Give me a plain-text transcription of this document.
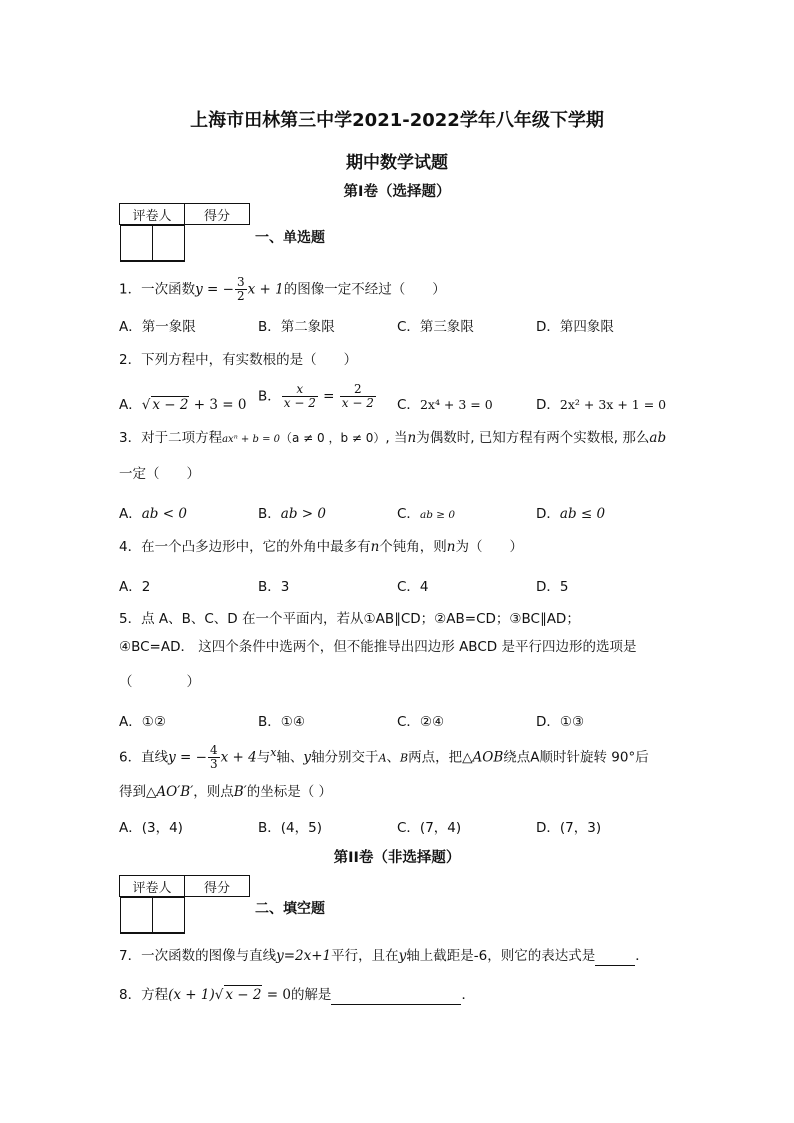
上海市田林第三中学2021-2022学年八年级下学期
期中数学试题
第I卷（选择题）
评卷人	得分

一、单选题
1．一次函数y = − $\frac{3}{2}$ x + 1的图像一定不经过（　　）
A．第一象限	B．第二象限	C．第三象限	D．第四象限
2．下列方程中，有实数根的是（　　）
A．√ x − 2 + 3 = 0
B． $\frac{x}{x - 2} = \frac{2}{x - 2}$ C．2x⁴ + 3 = 0	D．2x² + 3x + 1 = 0
3．对于二项方程axⁿ + b = 0（a ≠ 0 ，b ≠ 0）, 当n为偶数时, 已知方程有两个实数根, 那么ab
一定（　　）
A．ab < 0	B．ab > 0	C．ab ≥ 0	D．ab ≤ 0
4．在一个凸多边形中，它的外角中最多有n个钝角，则n为（　　）
A．2	B．3	C．4	D．5
5．点 A、B、C、D 在一个平面内，若从①AB∥CD；②AB=CD；③BC∥AD；
④BC=AD． 这四个条件中选两个，但不能推导出四边形 ABCD 是平行四边形的选项是
（　　　　）
A．①②	B．①④	C．②④	D．①③
6．直线y = − $\frac{4}{3}$ x + 4与$^x$轴、y轴分别交于A、B两点，把△AOB绕点A顺时针旋转 90°后
得到△AO′B′，则点B′的坐标是（ ）
A．(3，4)	B．(4，5)	C．(7，4)	D．(7，3)
第II卷（非选择题）
评卷人	得分

二、填空题
7．一次函数的图像与直线y=2x+1平行，且在y轴上截距是-6，则它的表达式是	．
8．方程(x + 1)√ x − 2 = 0的解是	．
